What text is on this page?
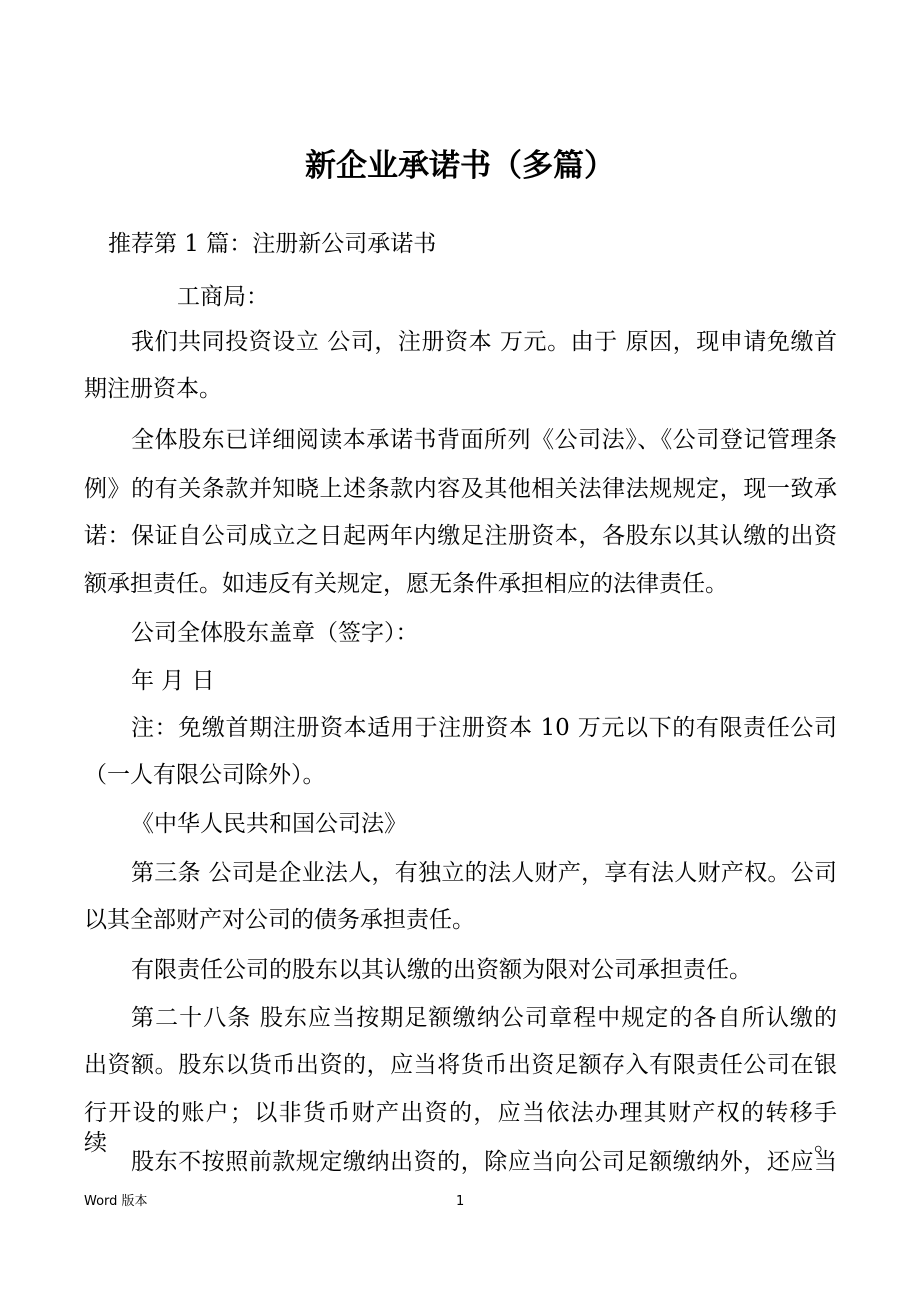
新企业承诺书（多篇）

推荐第 1 篇：注册新公司承诺书

工商局：

我们共同投资设立 公司，注册资本 万元。由于 原因，现申请免缴首

期注册资本。

全体股东已详细阅读本承诺书背面所列《公司法》、《公司登记管理条

例》的有关条款并知晓上述条款内容及其他相关法律法规规定，现一致承

诺：保证自公司成立之日起两年内缴足注册资本，各股东以其认缴的出资

额承担责任。如违反有关规定，愿无条件承担相应的法律责任。

公司全体股东盖章（签字）：

年 月 日

注：免缴首期注册资本适用于注册资本 10 万元以下的有限责任公司

（一人有限公司除外）。

《中华人民共和国公司法》

第三条 公司是企业法人，有独立的法人财产，享有法人财产权。公司

以其全部财产对公司的债务承担责任。

有限责任公司的股东以其认缴的出资额为限对公司承担责任。

第二十八条 股东应当按期足额缴纳公司章程中规定的各自所认缴的

出资额。股东以货币出资的，应当将货币出资足额存入有限责任公司在银

行开设的账户；以非货币财产出资的，应当依法办理其财产权的转移手续。

股东不按照前款规定缴纳出资的，除应当向公司足额缴纳外，还应当

Word 版本	1
